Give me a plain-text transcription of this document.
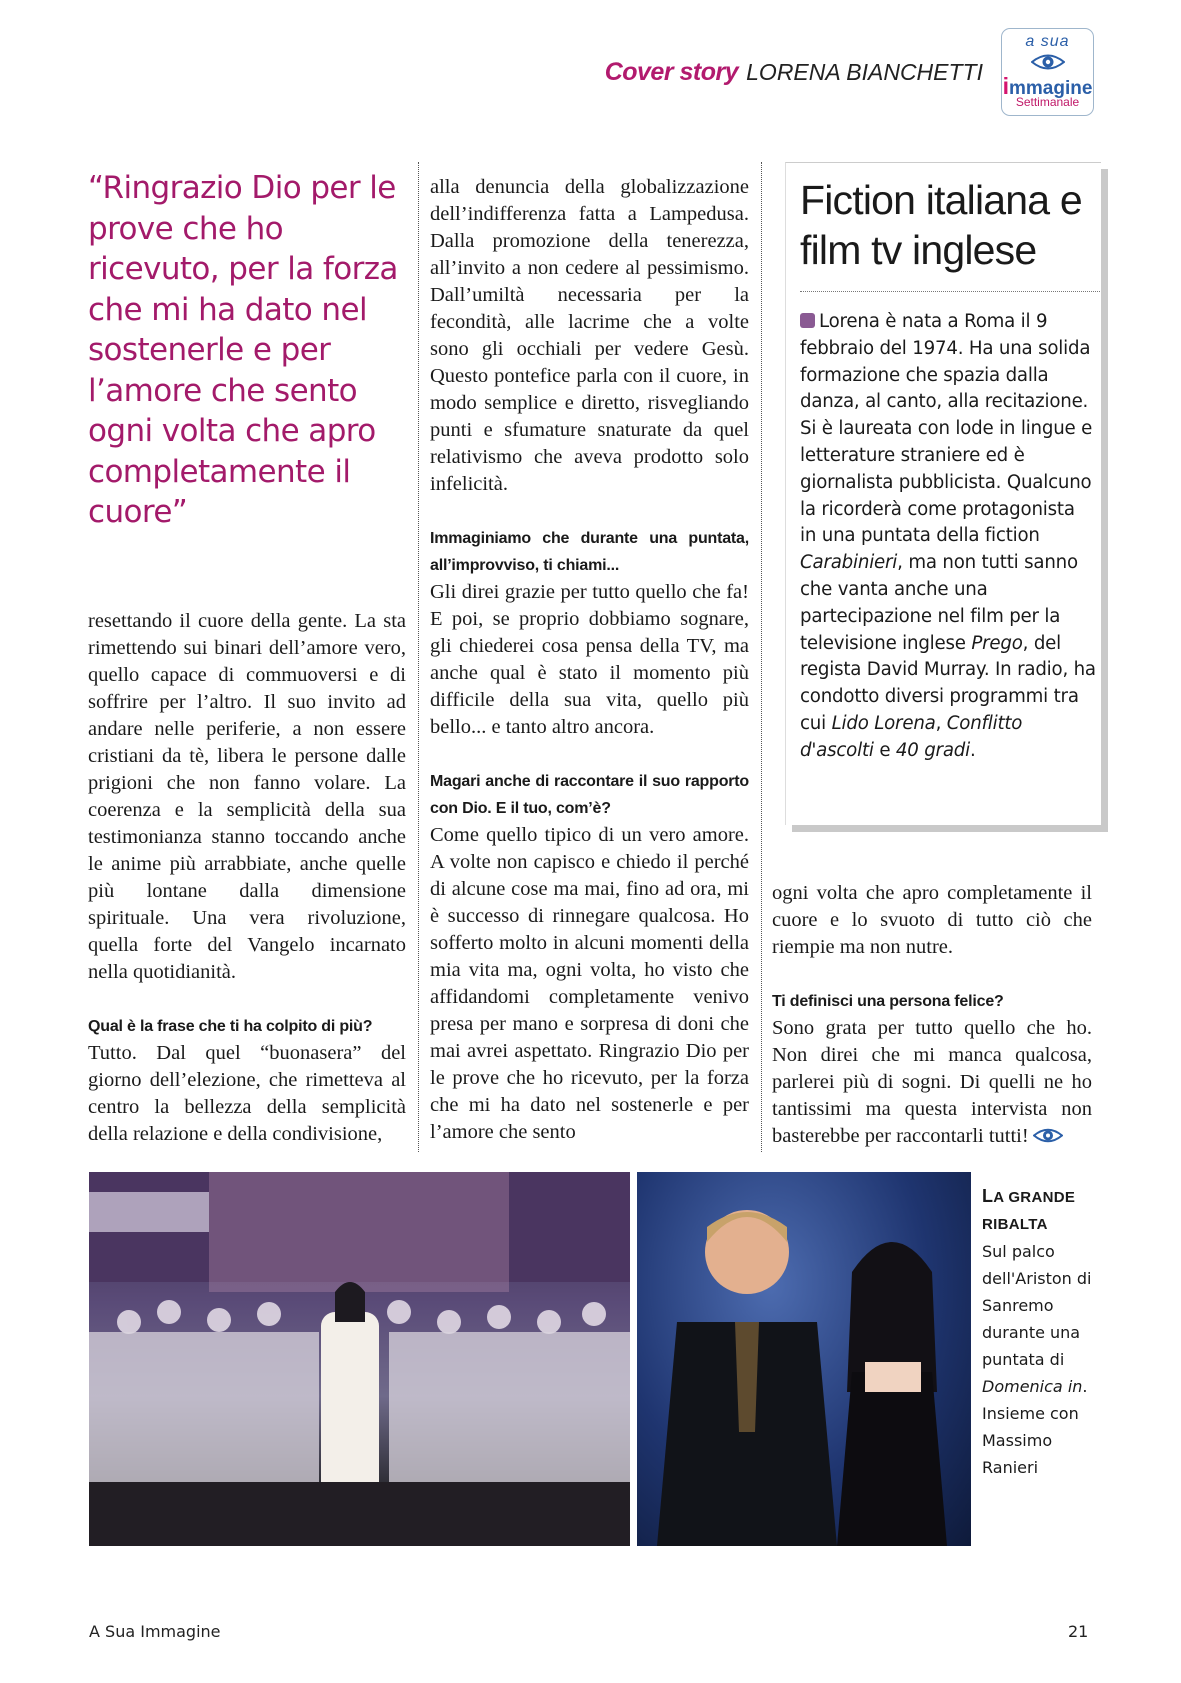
Cover story LORENA BIANCHETTI
a sua
immagine
Settimanale
“Ringrazio Dio per le prove che ho ricevuto, per la forza che mi ha dato nel sostenerle e per l’amore che sento ogni volta che apro completamente il cuore”

resettando il cuore della gente. La sta rimettendo sui binari dell’amore vero, quello capace di commuoversi e di soffrire per l’altro. Il suo invito ad andare nelle periferie, a non essere cristiani da tè, libera le persone dalle prigioni che non fanno volare. La coerenza e la semplicità della sua testimonianza stanno toccando anche le anime più arrabbiate, anche quelle più lontane dalla dimensione spirituale. Una vera rivoluzione, quella forte del Vangelo incarnato nella quotidianità.

Qual è la frase che ti ha colpito di più?

Tutto. Dal quel “buonasera” del giorno dell’elezione, che rimetteva al centro la bellezza della semplicità della relazione e della condivisione,

alla denuncia della globalizzazione dell’indifferenza fatta a Lampedusa. Dalla promozione della tenerezza, all’invito a non cedere al pessimismo. Dall’umiltà necessaria per la fecondità, alle lacrime che a volte sono gli occhiali per vedere Gesù. Questo pontefice parla con il cuore, in modo semplice e diretto, risvegliando punti e sfumature snaturate da quel relativismo che aveva prodotto solo infelicità.

Immaginiamo che durante una puntata, all’improvviso, ti chiami...

Gli direi grazie per tutto quello che fa! E poi, se proprio dobbiamo sognare, gli chiederei cosa pensa della TV, ma anche qual è stato il momento più difficile della sua vita, quello più bello... e tanto altro ancora.

Magari anche di raccontare il suo rapporto con Dio. E il tuo, com’è?

Come quello tipico di un vero amore. A volte non capisco e chiedo il perché di alcune cose ma mai, fino ad ora, mi è successo di rinnegare qualcosa. Ho sofferto molto in alcuni momenti della mia vita ma, ogni volta, ho visto che affidandomi completamente venivo presa per mano e sorpresa di doni che mai avrei aspettato. Ringrazio Dio per le prove che ho ricevuto, per la forza che mi ha dato nel sostenerle e per l’amore che sento

Fiction italiana e film tv inglese
Lorena è nata a Roma il 9 febbraio del 1974. Ha una solida formazione che spazia dalla danza, al canto, alla recitazione. Si è laureata con lode in lingue e letterature straniere ed è giornalista pubblicista. Qualcuno la ricorderà come protagonista in una puntata della fiction Carabinieri, ma non tutti sanno che vanta anche una partecipazione nel film per la televisione inglese Prego, del regista David Murray. In radio, ha condotto diversi programmi tra cui Lido Lorena, Conflitto d'ascolti e 40 gradi.

ogni volta che apro completamente il cuore e lo svuoto di tutto ciò che riempie ma non nutre.

Ti definisci una persona felice?

Sono grata per tutto quello che ho. Non direi che mi manca qualcosa, parlerei più di sogni. Di quelli ne ho tantissimi ma questa intervista non basterebbe per raccontarli tutti!

LA GRANDE
RIBALTA
Sul palco dell'Ariston di Sanremo durante una puntata di Domenica in. Insieme con Massimo Ranieri
A Sua Immagine	21
